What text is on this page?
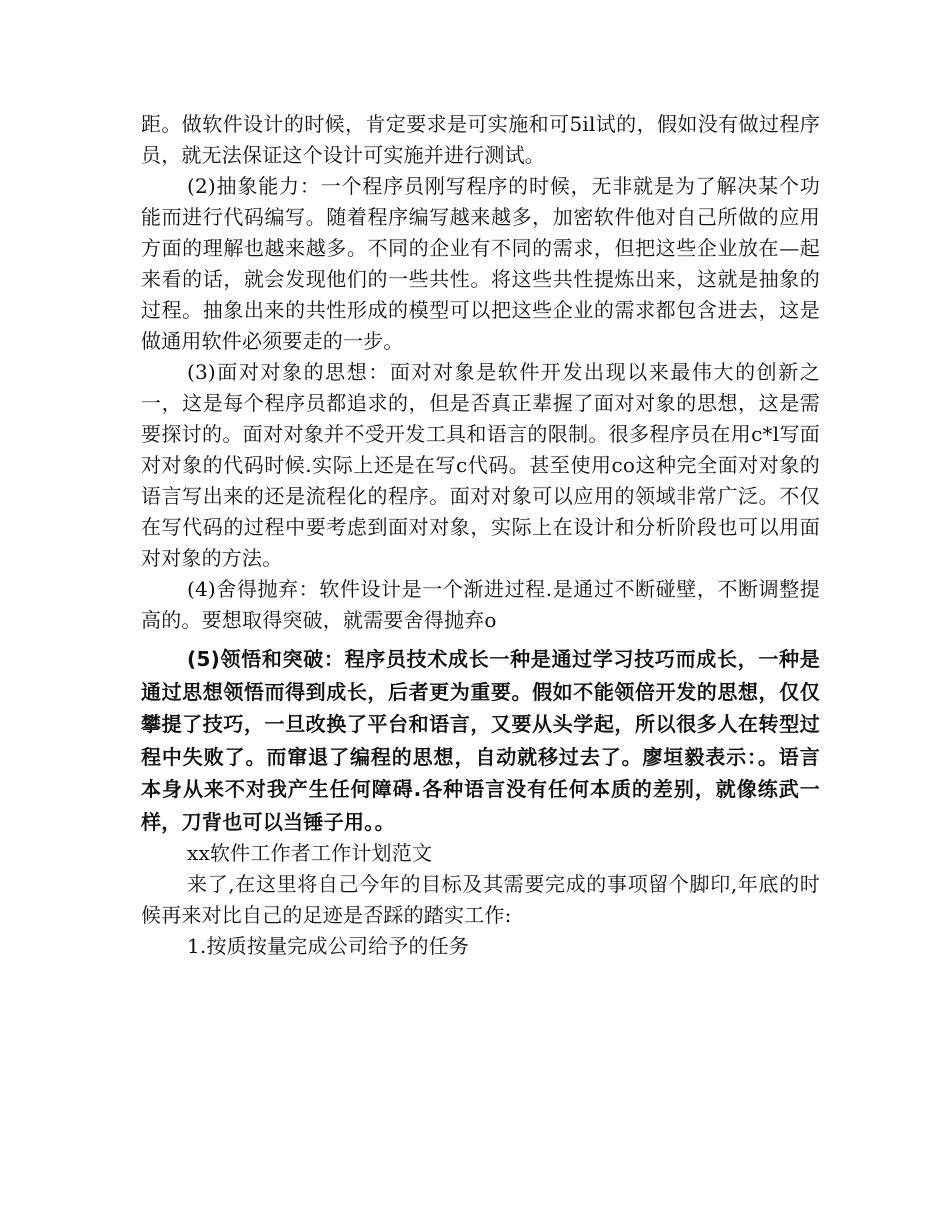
距。做软件设计的时候，肯定要求是可实施和可5il试的，假如没有做过程序员，就无法保证这个设计可实施并进行测试。

(2)抽象能力：一个程序员刚写程序的时候，无非就是为了解决某个功能而进行代码编写。随着程序编写越来越多，加密软件他对自己所做的应用方面的理解也越来越多。不同的企业有不同的需求，但把这些企业放在—起来看的话，就会发现他们的一些共性。将这些共性提炼出来，这就是抽象的过程。抽象出来的共性形成的模型可以把这些企业的需求都包含进去，这是做通用软件必须要走的一步。

(3)面对对象的思想：面对对象是软件开发出现以来最伟大的创新之一，这是每个程序员都追求的，但是否真正辈握了面对对象的思想，这是需要探讨的。面对对象并不受开发工具和语言的限制。很多程序员在用c*l写面对对象的代码时候.实际上还是在写c代码。甚至使用co这种完全面对对象的语言写出来的还是流程化的程序。面对对象可以应用的领域非常广泛。不仅在写代码的过程中要考虑到面对对象，实际上在设计和分析阶段也可以用面对对象的方法。

(4)舍得抛弃：软件设计是一个渐进过程.是通过不断碰壁，不断调整提高的。要想取得突破，就需要舍得抛弃o

(5)领悟和突破：程序员技术成长一种是通过学习技巧而成长，一种是通过思想领悟而得到成长，后者更为重要。假如不能领倍开发的思想，仅仅攀提了技巧，一旦改换了平台和语言，又要从头学起，所以很多人在转型过程中失败了。而窜退了编程的思想，自动就移过去了。廖垣毅表示：。语言本身从来不对我产生任何障碍.各种语言没有任何本质的差别，就像练武一样，刀背也可以当锤子用。。

xx软件工作者工作计划范文

来了,在这里将自己今年的目标及其需要完成的事项留个脚印,年底的时候再来对比自己的足迹是否踩的踏实工作:

1.按质按量完成公司给予的任务
